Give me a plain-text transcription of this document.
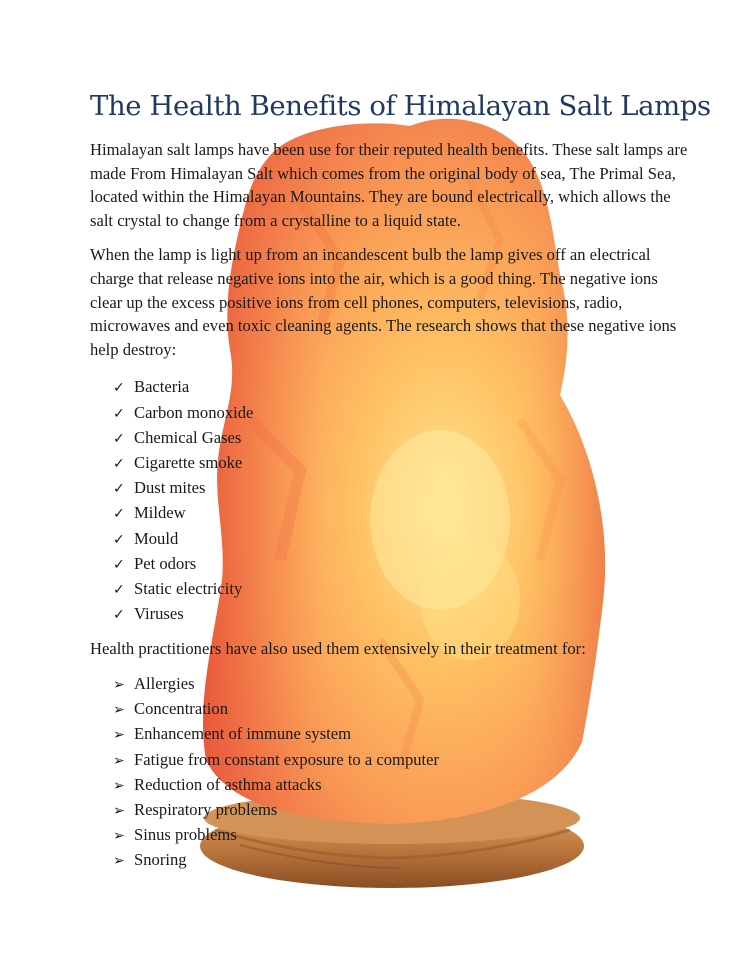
The Health Benefits of Himalayan Salt Lamps

Himalayan salt lamps have been use for their reputed health benefits. These salt lamps are made From Himalayan Salt which comes from the original body of sea, The Primal Sea, located within the Himalayan Mountains. They are bound electrically, which allows the salt crystal to change from a crystalline to a liquid state.

When the lamp is light up from an incandescent bulb the lamp gives off an electrical charge that release negative ions into the air, which is a good thing. The negative ions clear up the excess positive ions from cell phones, computers, televisions, radio, microwaves and even toxic cleaning agents. The research shows that these negative ions help destroy:

✓ Bacteria
✓ Carbon monoxide
✓ Chemical Gases
✓ Cigarette smoke
✓ Dust mites
✓ Mildew
✓ Mould
✓ Pet odors
✓ Static electricity
✓ Viruses

Health practitioners have also used them extensively in their treatment for:

➢ Allergies
➢ Concentration
➢ Enhancement of immune system
➢ Fatigue from constant exposure to a computer
➢ Reduction of asthma attacks
➢ Respiratory problems
➢ Sinus problems
➢ Snoring
